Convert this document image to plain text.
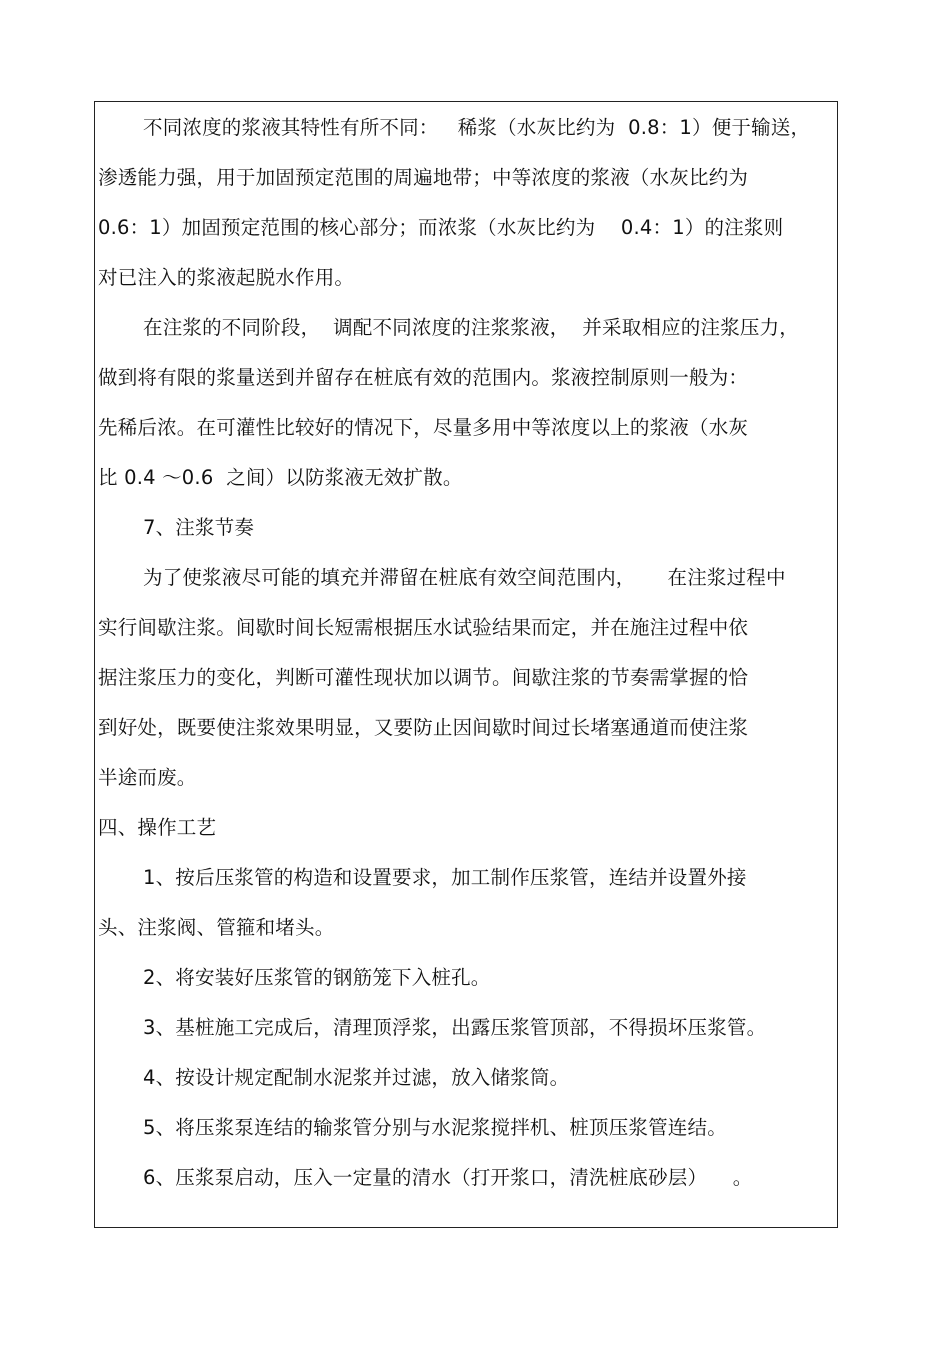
不同浓度的浆液其特性有所不同：   稀浆（水灰比约为  0.8：1）便于输送，
渗透能力强，用于加固预定范围的周遍地带；中等浓度的浆液（水灰比约为
0.6：1）加固预定范围的核心部分；而浓浆（水灰比约为    0.4：1）的注浆则
对已注入的浆液起脱水作用。
在注浆的不同阶段，  调配不同浓度的注浆浆液，  并采取相应的注浆压力，
做到将有限的浆量送到并留存在桩底有效的范围内。浆液控制原则一般为：
先稀后浓。在可灌性比较好的情况下，尽量多用中等浓度以上的浆液（水灰
比 0.4 ～0.6  之间）以防浆液无效扩散。
7、注浆节奏
为了使浆液尽可能的填充并滞留在桩底有效空间范围内，     在注浆过程中
实行间歇注浆。间歇时间长短需根据压水试验结果而定，并在施注过程中依
据注浆压力的变化，判断可灌性现状加以调节。间歇注浆的节奏需掌握的恰
到好处，既要使注浆效果明显，又要防止因间歇时间过长堵塞通道而使注浆
半途而废。
四、操作工艺
1、按后压浆管的构造和设置要求，加工制作压浆管，连结并设置外接
头、注浆阀、管箍和堵头。
2、将安装好压浆管的钢筋笼下入桩孔。
3、基桩施工完成后，清理顶浮浆，出露压浆管顶部，不得损坏压浆管。
4、按设计规定配制水泥浆并过滤，放入储浆筒。
5、将压浆泵连结的输浆管分别与水泥浆搅拌机、桩顶压浆管连结。
6、压浆泵启动，压入一定量的清水（打开浆口，清洗桩底砂层）    。
